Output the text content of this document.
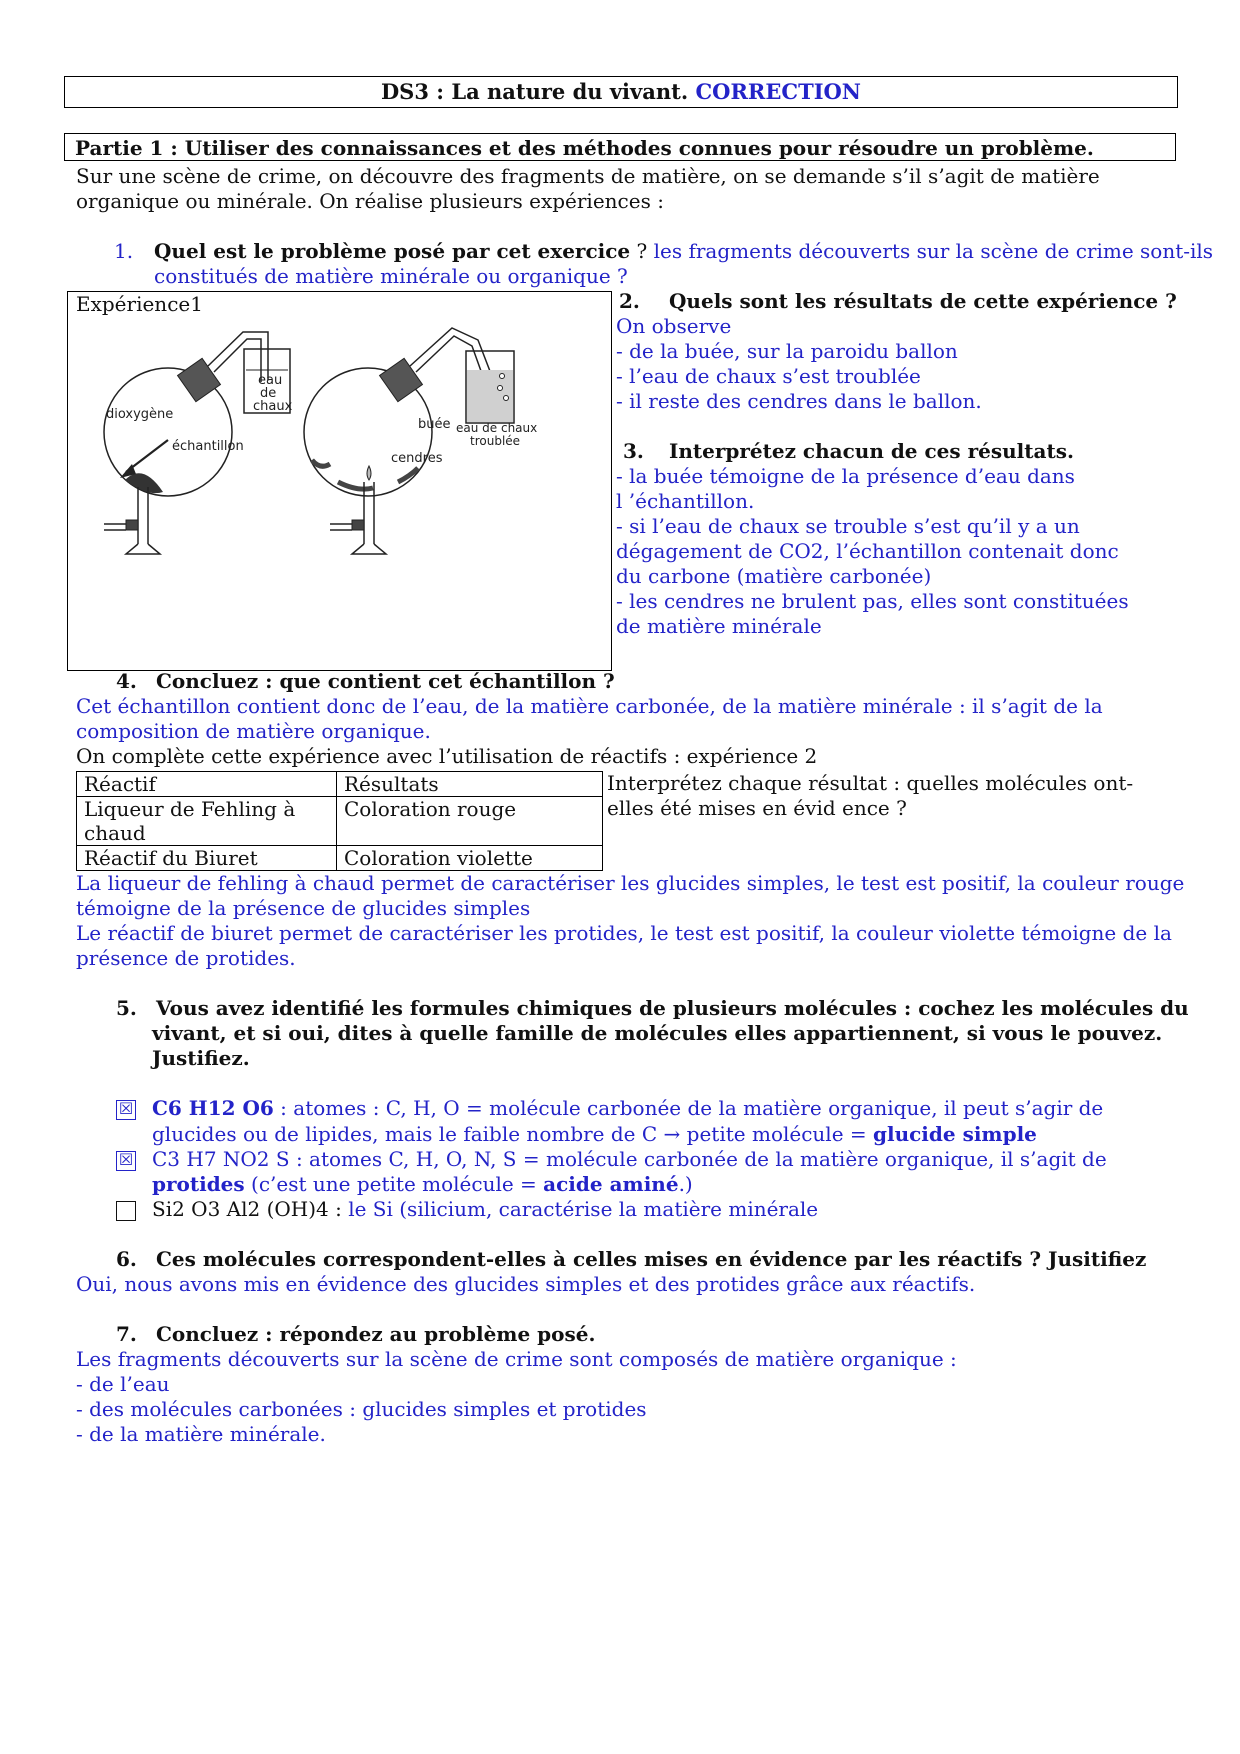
DS3 : La nature du vivant. CORRECTION
Partie 1 : Utiliser des connaissances et des méthodes connues pour résoudre un problème.
Sur une scène de crime, on découvre des fragments de matière, on se demande s’il s’agit de matière
organique ou minérale. On réalise plusieurs expériences :
1. Quel est le problème posé par cet exercice ? les fragments découverts sur la scène de crime sont-ils
constitués de matière minérale ou organique ?
Expérience1
dioxygène
eau
de
chaux
échantillon
buée eau de chaux
troublée
cendres
2. Quels sont les résultats de cette expérience ?
On observe
- de la buée, sur la paroidu ballon
- l’eau de chaux s’est troublée
- il reste des cendres dans le ballon.
3. Interprétez chacun de ces résultats.
- la buée témoigne de la présence d’eau dans
l ’échantillon.
- si l’eau de chaux se trouble s’est qu’il y a un
dégagement de CO2, l’échantillon contenait donc
du carbone (matière carbonée)
- les cendres ne brulent pas, elles sont constituées
de matière minérale
4. Concluez : que contient cet échantillon ?
Cet échantillon contient donc de l’eau, de la matière carbonée, de la matière minérale : il s’agit de la
composition de matière organique.
On complète cette expérience avec l’utilisation de réactifs : expérience 2
Réactif	Résultats
Liqueur de Fehling à
chaud	Coloration rouge
Réactif du Biuret	Coloration violette
Interprétez chaque résultat : quelles molécules ont-
elles été mises en évid ence ?
La liqueur de fehling à chaud permet de caractériser les glucides simples, le test est positif, la couleur rouge
témoigne de la présence de glucides simples
Le réactif de biuret permet de caractériser les protides, le test est positif, la couleur violette témoigne de la
présence de protides.
5. Vous avez identifié les formules chimiques de plusieurs molécules : cochez les molécules du
vivant, et si oui, dites à quelle famille de molécules elles appartiennent, si vous le pouvez.
Justifiez.
☒ C6 H12 O6 : atomes : C, H, O = molécule carbonée de la matière organique, il peut s’agir de
glucides ou de lipides, mais le faible nombre de C → petite molécule = glucide simple
☒ C3 H7 NO2 S : atomes C, H, O, N, S = molécule carbonée de la matière organique, il s’agit de
protides (c’est une petite molécule = acide aminé.)
Si2 O3 Al2 (OH)4 : le Si (silicium, caractérise la matière minérale
6. Ces molécules correspondent-elles à celles mises en évidence par les réactifs ? Jusitifiez
Oui, nous avons mis en évidence des glucides simples et des protides grâce aux réactifs.
7. Concluez : répondez au problème posé.
Les fragments découverts sur la scène de crime sont composés de matière organique :
- de l’eau
- des molécules carbonées : glucides simples et protides
- de la matière minérale.
